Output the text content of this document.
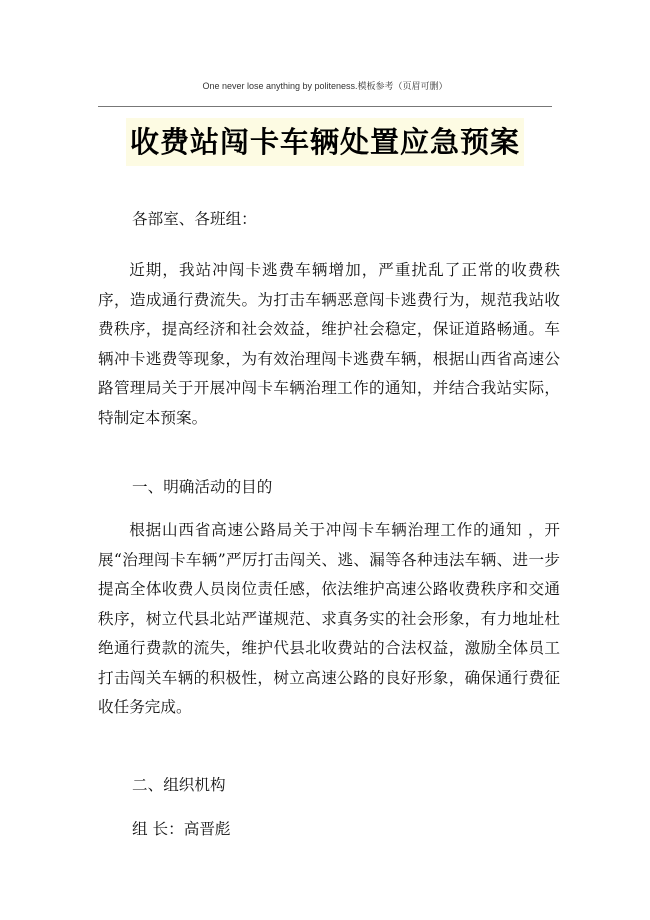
One never lose anything by politeness.模板参考（页眉可删）
收费站闯卡车辆处置应急预案

各部室、各班组：

近期，我站冲闯卡逃费车辆增加，严重扰乱了正常的收费秩序，造成通行费流失。为打击车辆恶意闯卡逃费行为，规范我站收费秩序，提高经济和社会效益，维护社会稳定，保证道路畅通。车辆冲卡逃费等现象，为有效治理闯卡逃费车辆，根据山西省高速公路管理局关于开展冲闯卡车辆治理工作的通知，并结合我站实际，特制定本预案。

一、明确活动的目的

根据山西省高速公路局关于冲闯卡车辆治理工作的通知 ，开展“治理闯卡车辆”严厉打击闯关、逃、漏等各种违法车辆、进一步提高全体收费人员岗位责任感，依法维护高速公路收费秩序和交通秩序，树立代县北站严谨规范、求真务实的社会形象，有力地址杜绝通行费款的流失，维护代县北收费站的合法权益，激励全体员工打击闯关车辆的积极性，树立高速公路的良好形象，确保通行费征收任务完成。

二、组织机构

组 长：高晋彪
